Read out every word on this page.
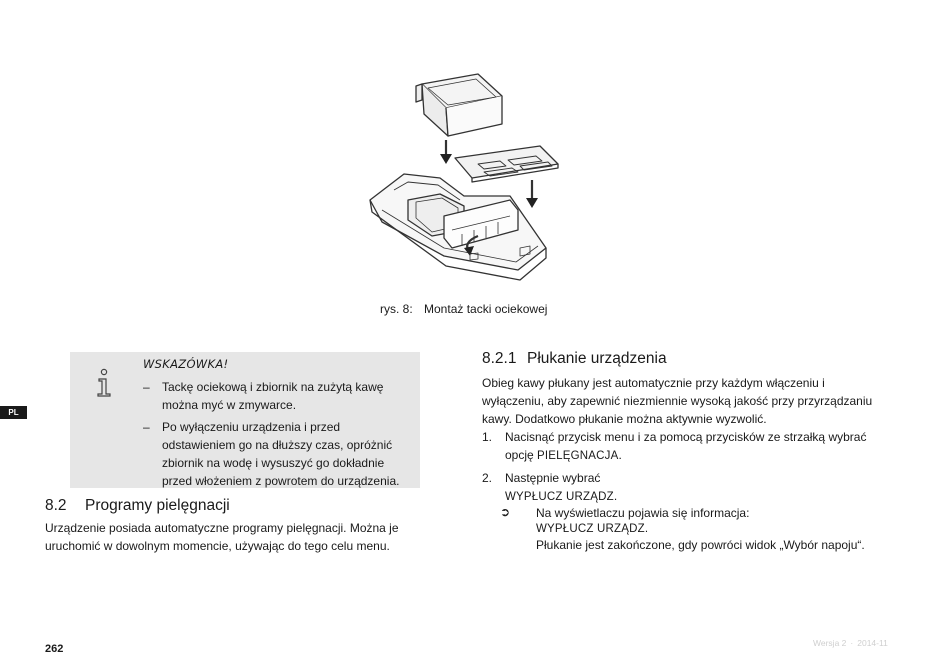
rys. 8: Montaż tacki ociekowej
PL
WSKAZÓWKA!
– Tackę ociekową i zbiornik na zużytą kawę można myć w zmywarce.
– Po wyłączeniu urządzenia i przed odstawieniem go na dłuższy czas, opróżnić zbiornik na wodę i wysuszyć go dokładnie przed włożeniem z powrotem do urządzenia.
8.2 Programy pielęgnacji

Urządzenie posiada automatyczne programy pielęgnacji. Można je uruchomić w dowolnym momencie, używając do tego celu menu.

8.2.1 Płukanie urządzenia

Obieg kawy płukany jest automatycznie przy każdym włączeniu i wyłączeniu, aby zapewnić niezmiennie wysoką jakość przy przyrządzaniu kawy. Dodatkowo płukanie można aktywnie wyzwolić.

1. Nacisnąć przycisk menu i za pomocą przycisków ze strzałką wybrać opcję PIELĘGNACJA.
2. Następnie wybrać
WYPŁUCZ URZĄDZ.
➲ Na wyświetlaczu pojawia się informacja:
WYPŁUCZ URZĄDZ.
Płukanie jest zakończone, gdy powróci widok „Wybór napoju“.
262	Wersja 2 · 2014-11
